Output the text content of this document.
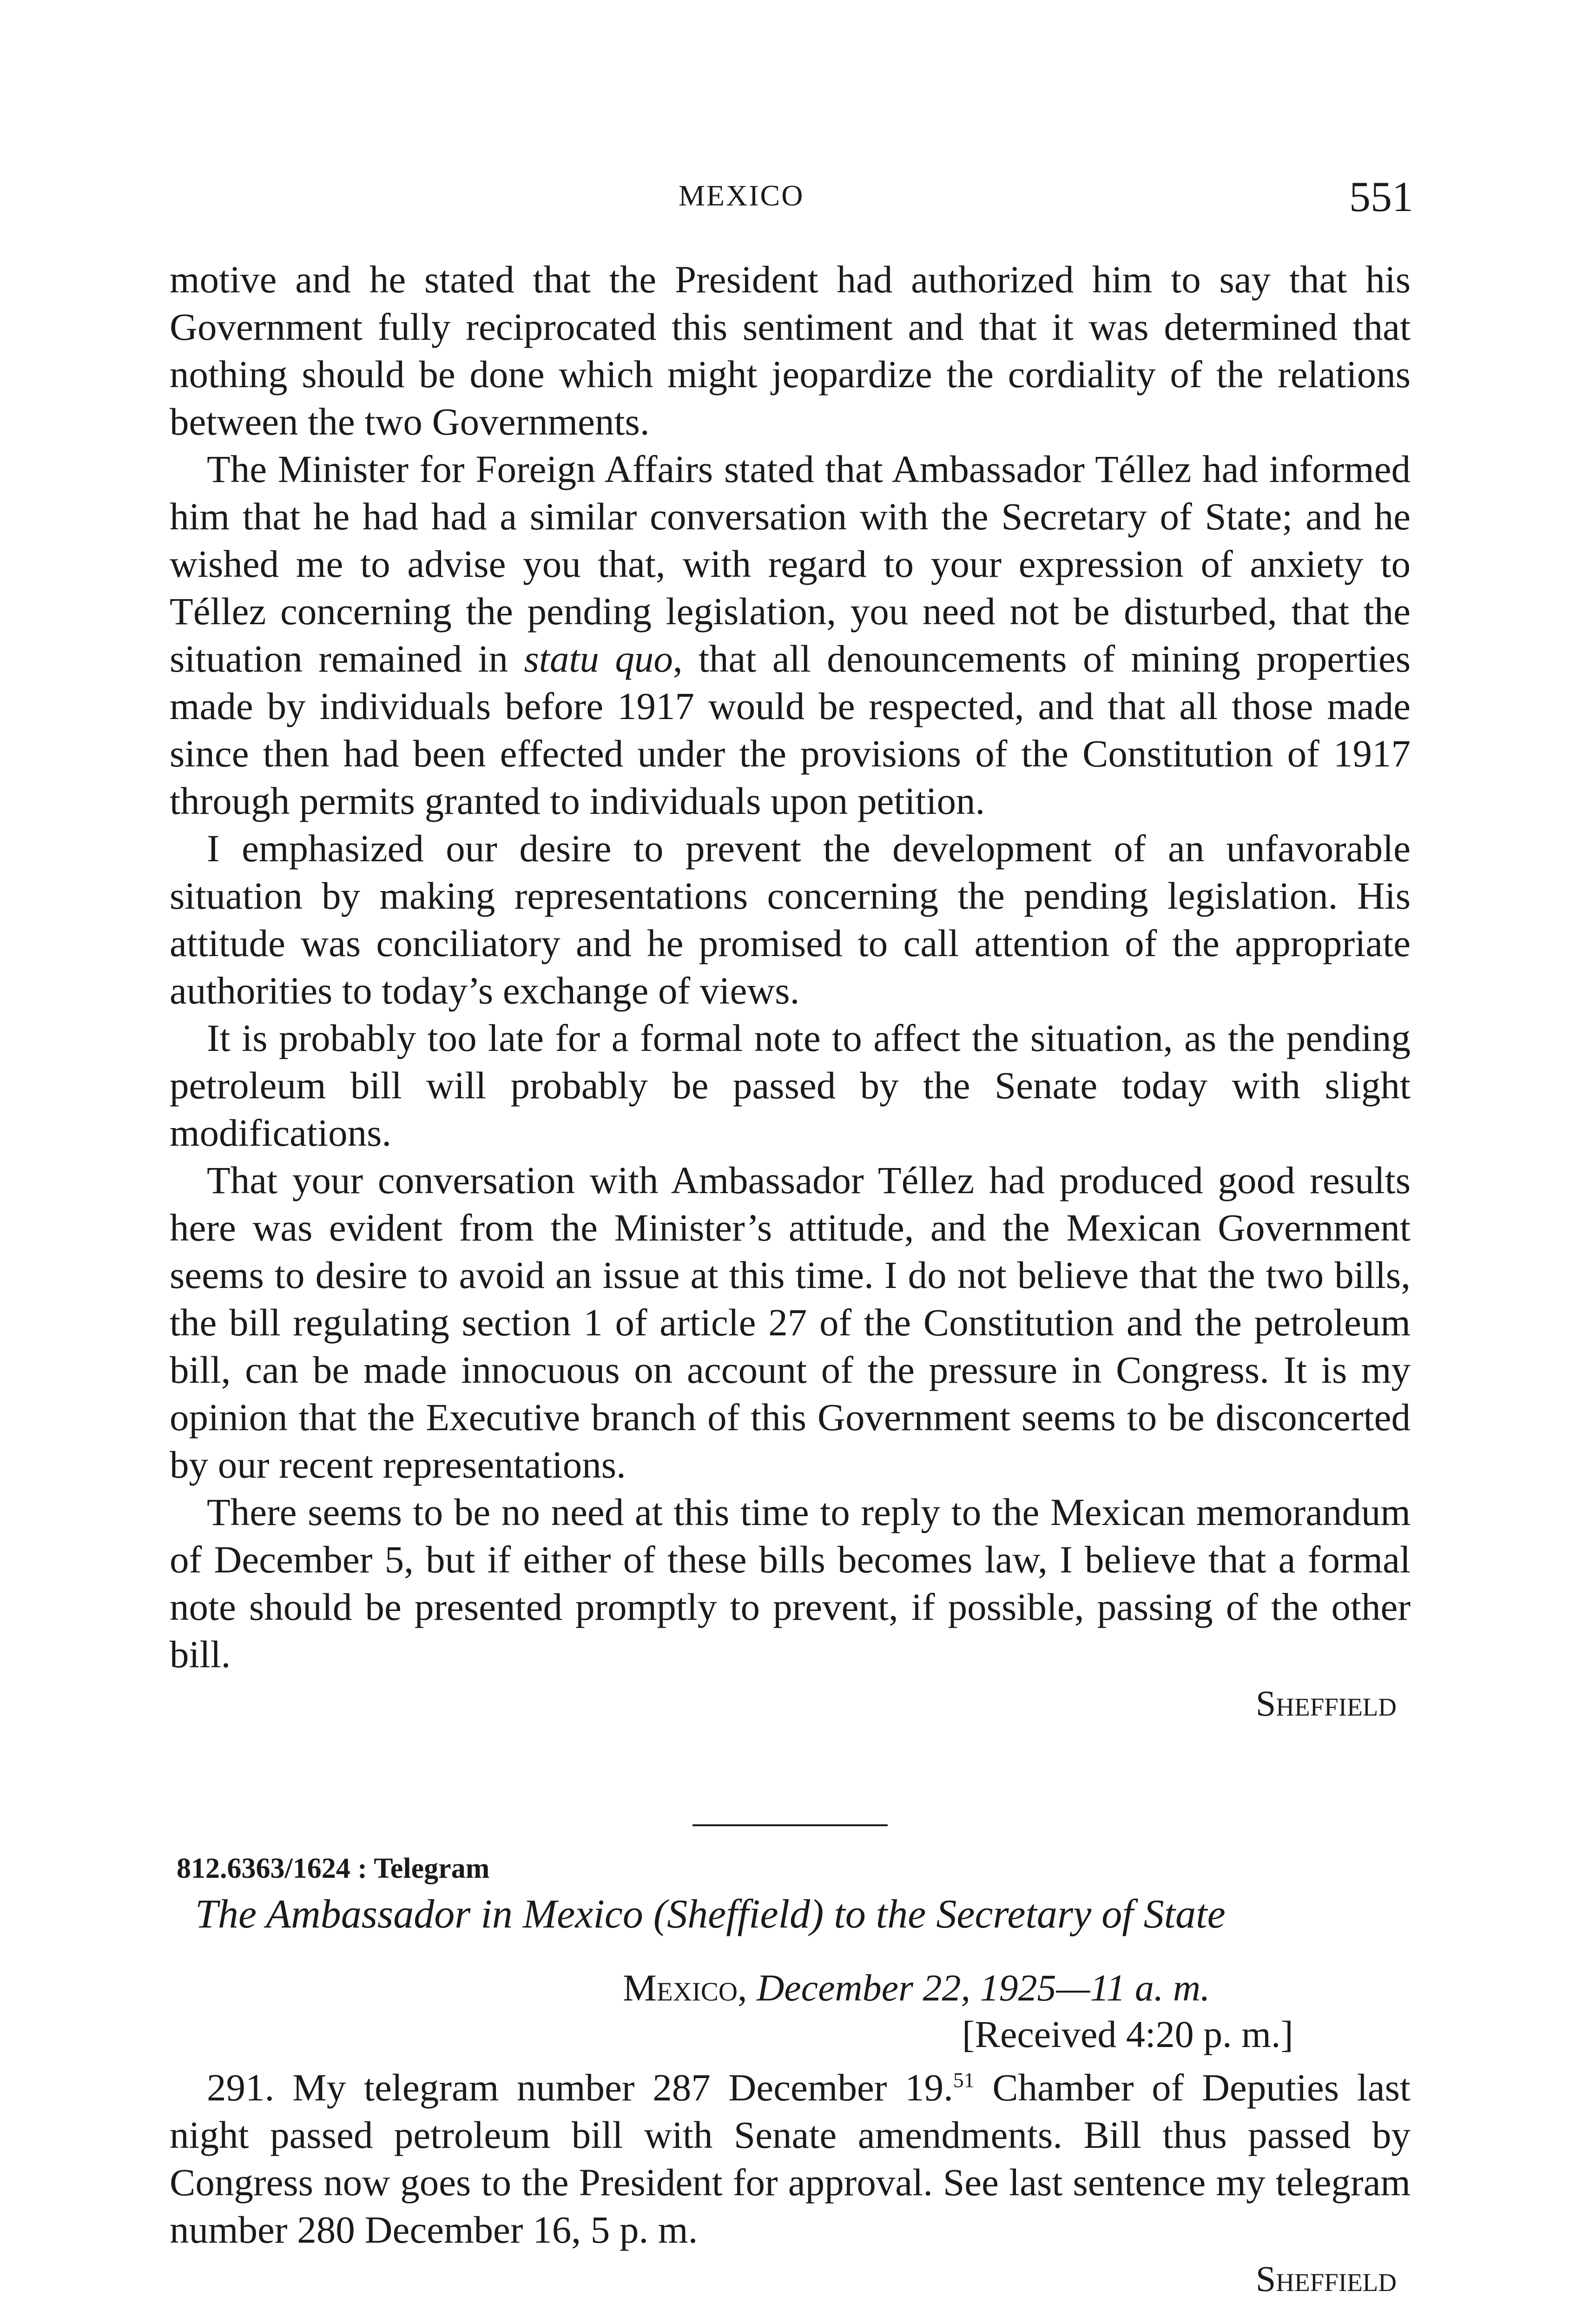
MEXICO	551

motive and he stated that the President had authorized him to say that his Government fully reciprocated this sentiment and that it was determined that nothing should be done which might jeopardize the cordiality of the relations between the two Governments.

The Minister for Foreign Affairs stated that Ambassador Téllez had informed him that he had had a similar conversation with the Secretary of State; and he wished me to advise you that, with regard to your expression of anxiety to Téllez concerning the pending legislation, you need not be disturbed, that the situation remained in statu quo, that all denouncements of mining properties made by individuals before 1917 would be respected, and that all those made since then had been effected under the provisions of the Constitution of 1917 through permits granted to individuals upon petition.

I emphasized our desire to prevent the development of an unfavorable situation by making representations concerning the pending legislation. His attitude was conciliatory and he promised to call attention of the appropriate authorities to today’s exchange of views.

It is probably too late for a formal note to affect the situation, as the pending petroleum bill will probably be passed by the Senate today with slight modifications.

That your conversation with Ambassador Téllez had produced good results here was evident from the Minister’s attitude, and the Mexican Government seems to desire to avoid an issue at this time. I do not believe that the two bills, the bill regulating section 1 of article 27 of the Constitution and the petroleum bill, can be made innocuous on account of the pressure in Congress. It is my opinion that the Executive branch of this Government seems to be disconcerted by our recent representations.

There seems to be no need at this time to reply to the Mexican memorandum of December 5, but if either of these bills becomes law, I believe that a formal note should be presented promptly to prevent, if possible, passing of the other bill.

Sheffield
812.6363/1624 : Telegram
The Ambassador in Mexico (Sheffield) to the Secretary of State
Mexico, December 22, 1925—11 a. m.
[Received 4:20 p. m.]

291. My telegram number 287 December 19.51 Chamber of Deputies last night passed petroleum bill with Senate amendments. Bill thus passed by Congress now goes to the President for approval. See last sentence my telegram number 280 December 16, 5 p. m.

Sheffield
